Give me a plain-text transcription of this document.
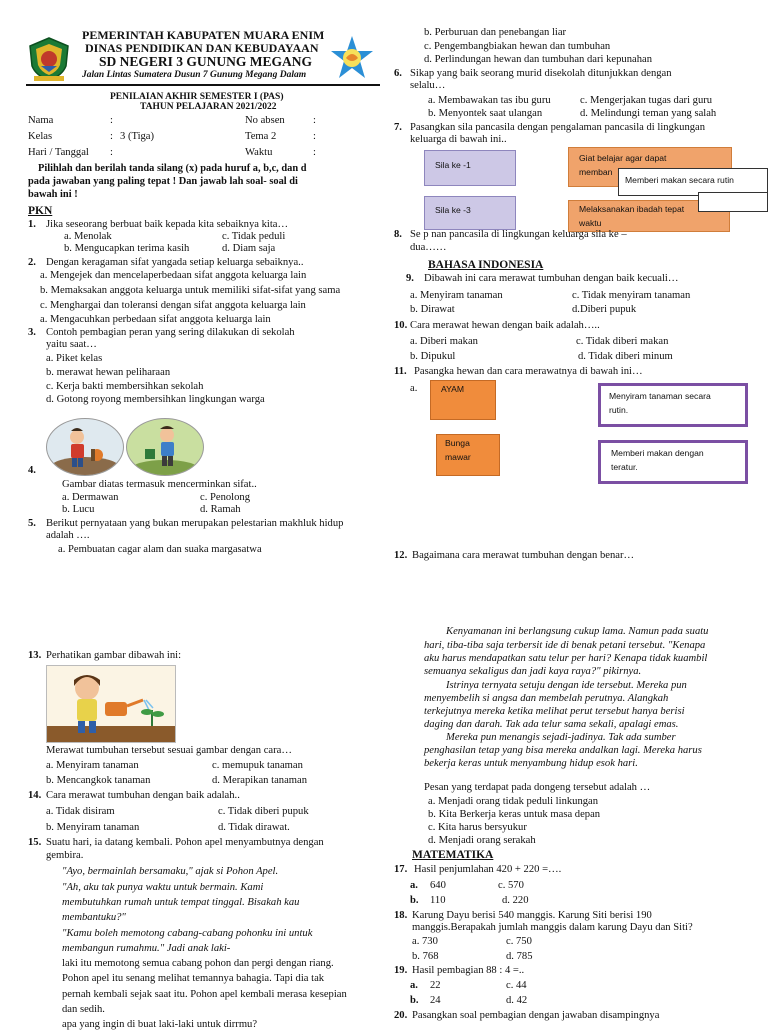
PEMERINTAH KABUPATEN MUARA ENIM
DINAS PENDIDIKAN DAN KEBUDAYAAN
SD NEGERI 3 GUNUNG MEGANG
Jalan Lintas Sumatera Dusun 7 Gunung Megang Dalam
PENILAIAN AKHIR SEMESTER I (PAS)
TAHUN PELAJARAN 2021/2022
Nama	:	No absen	:
Kelas	: 3 (Tiga)	Tema 2	:
Hari / Tanggal :	Waktu	:
Pilihlah dan berilah tanda silang (x) pada huruf a, b,c, dan d
pada jawaban yang paling tepat ! Dan jawab lah soal- soal di
bawah ini !
PKN
1. Jika seseorang berbuat baik kepada kita sebaiknya kita…
a. Menolak	c. Tidak peduli
b. Mengucapkan terima kasih	d. Diam saja
2. Dengan keragaman sifat yangada setiap keluarga sebaiknya..
a. Mengejek dan mencelaperbedaan sifat anggota keluarga lain
b. Memaksakan anggota keluarga untuk memiliki sifat-sifat yang sama
c. Menghargai dan toleransi dengan sifat anggota keluarga lain
a. Mengacuhkan perbedaan sifat anggota keluarga lain
3. Contoh pembagian peran yang sering dilakukan di sekolah
yaitu saat…
a. Piket kelas
b. merawat hewan peliharaan
c. Kerja bakti membersihkan sekolah
d. Gotong royong membersihkan lingkungan warga
4.
Gambar diatas termasuk mencerminkan sifat..
a. Dermawan	c. Penolong
b. Lucu	d. Ramah
5. Berikut pernyataan yang bukan merupakan pelestarian makhluk hidup
adalah ….
a. Pembuatan cagar alam dan suaka margasatwa
b. Perburuan dan penebangan liar
c. Pengembangbiakan hewan dan tumbuhan
d. Perlindungan hewan dan tumbuhan dari kepunahan
6. Sikap yang baik seorang murid disekolah ditunjukkan dengan
selalu…
a. Membawakan tas ibu guru	c. Mengerjakan tugas dari guru
b. Menyontek saat ulangan	d. Melindungi teman yang salah
7. Pasangkan sila pancasila dengan pengalaman pancasila di lingkungan
keluarga di bawah ini..
Sila ke -1
Sila ke -3
Giat belajar agar dapat
memban
Memberi makan secara rutin
Melaksanakan ibadah tepat
waktu
8. Se p nan pancasila di lingkungan keluarga sila ke –
dua……
BAHASA INDONESIA
9. Dibawah ini cara merawat tumbuhan dengan baik kecuali…
a. Menyiram tanaman	c. Tidak menyiram tanaman
b. Dirawat	d.Diberi pupuk
10. Cara merawat hewan dengan baik adalah…..
a. Diberi makan	c. Tidak diberi makan
b. Dipukul	d. Tidak diberi minum
11. Pasangka hewan dan cara merawatnya di bawah ini…
a.	AYAM
Bunga
mawar
Menyiram tanaman secara
rutin.
Memberi makan dengan
teratur.
12. Bagaimana cara merawat tumbuhan dengan benar…
13. Perhatikan gambar dibawah ini:
Merawat tumbuhan tersebut sesuai gambar dengan cara…
a. Menyiram tanaman	c. memupuk tanaman
b. Mencangkok tanaman	d. Merapikan tanaman
14. Cara merawat tumbuhan dengan baik adalah..
a. Tidak disiram	c. Tidak diberi pupuk
b. Menyiram tanaman	d. Tidak dirawat.
15. Suatu hari, ia datang kembali. Pohon apel menyambutnya dengan
gembira.
"Ayo, bermainlah bersamaku," ajak si Pohon Apel.
"Ah, aku tak punya waktu untuk bermain. Kami
membutuhkan rumah untuk tempat tinggal. Bisakah kau
membantuku?"
"Kamu boleh memotong cabang-cabang pohonku ini untuk
membangun rumahmu." Jadi anak laki-
laki itu memotong semua cabang pohon dan pergi dengan riang.
Pohon apel itu senang melihat temannya bahagia. Tapi dia tak
pernah kembali sejak saat itu. Pohon apel kembali merasa kesepian
dan sedih.
apa yang ingin di buat laki-laki untuk dirrmu?
Kenyamanan ini berlangsung cukup lama. Namun pada suatu
hari, tiba-tiba saja terbersit ide di benak petani tersebut. "Kenapa
aku harus mendapatkan satu telur per hari? Kenapa tidak kuambil
semuanya sekaligus dan jadi kaya raya?" pikirnya.
Istrinya ternyata setuju dengan ide tersebut. Mereka pun
menyembelih si angsa dan membelah perutnya. Alangkah
terkejutnya mereka ketika melihat perut tersebut hanya berisi
daging dan darah. Tak ada telur sama sekali, apalagi emas.
Mereka pun menangis sejadi-jadinya. Tak ada sumber
penghasilan tetap yang bisa mereka andalkan lagi. Mereka harus
bekerja keras untuk menyambung hidup esok hari.
Pesan yang terdapat pada dongeng tersebut adalah …
a. Menjadi orang tidak peduli linkungan
b. Kita Berkerja keras untuk masa depan
c. Kita harus bersyukur
d. Menjadi orang serakah
MATEMATIKA
17. Hasil penjumlahan 420 + 220 =….
a. 640	c. 570
b. 110	d. 220
18. Karung Dayu berisi 540 manggis. Karung Siti berisi 190
manggis.Berapakah jumlah manggis dalam karung Dayu dan Siti?
a. 730	c. 750
b. 768	d. 785
19. Hasil pembagian 88 : 4 =..
a. 22	c. 44
b. 24	d. 42
20. Pasangkan soal pembagian dengan jawaban disampingnya
